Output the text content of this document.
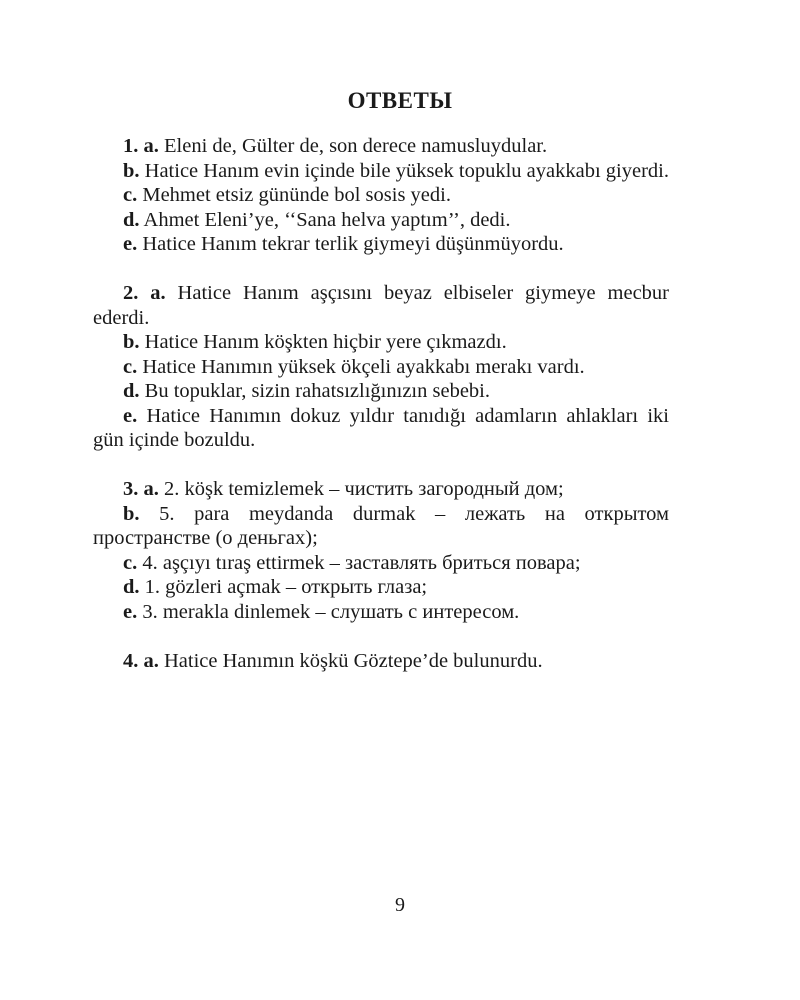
ОТВЕТЫ

1. a. Eleni de, Gülter de, son derece namusluydular.

b. Hatice Hanım evin içinde bile yüksek topuklu ayakkabı giyerdi.

c. Mehmet etsiz gününde bol sosis yedi.

d. Ahmet Eleni’ye, ‘‘Sana helva yaptım’’, dedi.

e. Hatice Hanım tekrar terlik giymeyi düşünmüyordu.

2. a. Hatice Hanım aşçısını beyaz elbiseler giymeye mecbur ederdi.

b. Hatice Hanım köşkten hiçbir yere çıkmazdı.

c. Hatice Hanımın yüksek ökçeli ayakkabı merakı vardı.

d. Bu topuklar, sizin rahatsızlığınızın sebebi.

e. Hatice Hanımın dokuz yıldır tanıdığı adamların ahlakları iki gün içinde bozuldu.

3. a. 2. köşk temizlemek – чистить загородный дом;

b. 5. para meydanda durmak – лежать на открытом пространстве (о деньгах);

c. 4. aşçıyı tıraş ettirmek – заставлять бриться повара;

d. 1. gözleri açmak – открыть глаза;

e. 3. merakla dinlemek – слушать с интересом.

4. a. Hatice Hanımın köşkü Göztepe’de bulunurdu.

9
